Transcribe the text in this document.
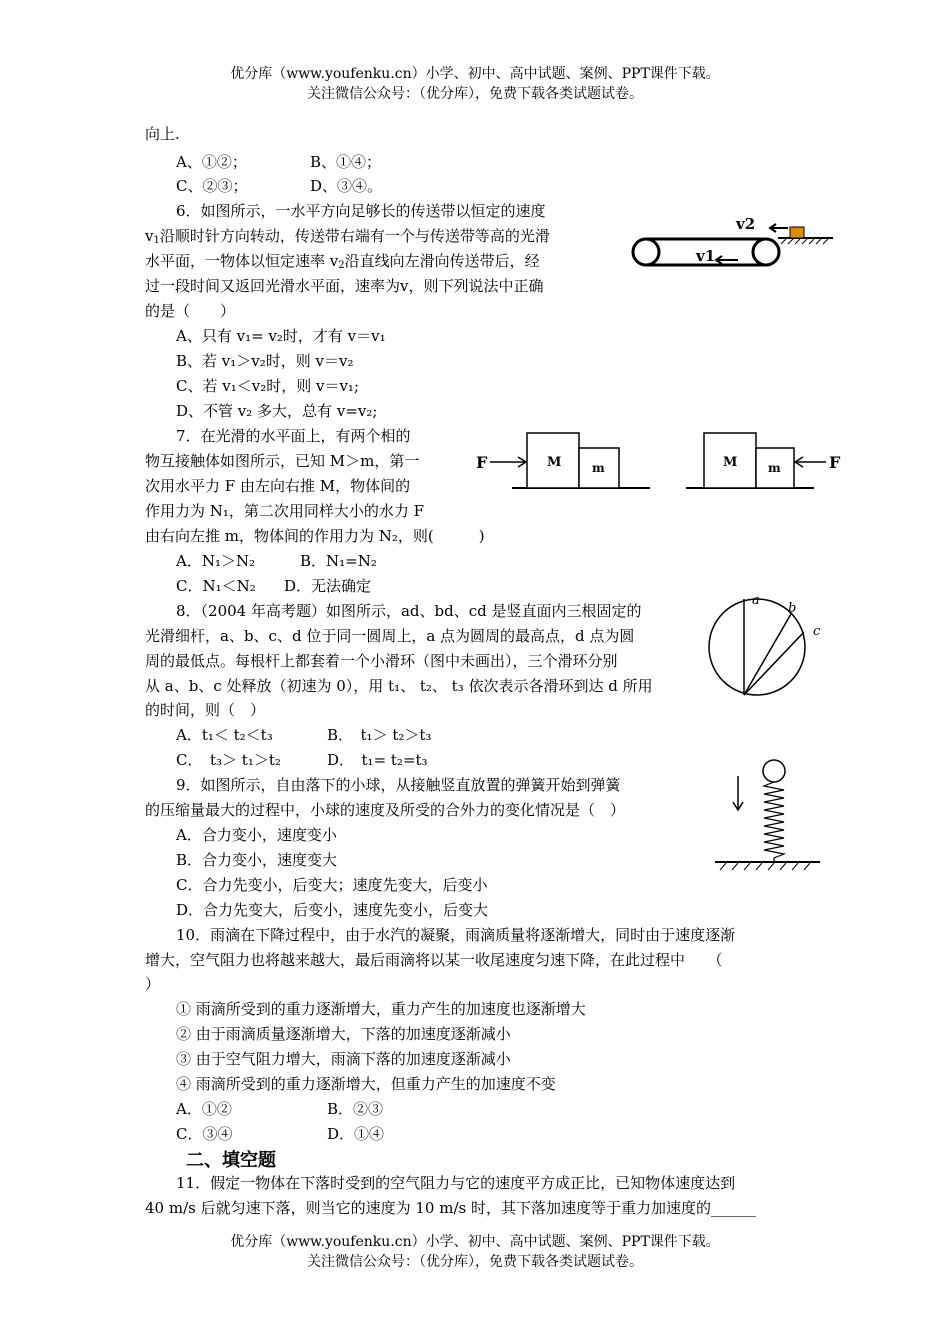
优分库（www.youfenku.cn）小学、初中、高中试题、案例、PPT课件下载。
关注微信公众号：（优分库），免费下载各类试题试卷。
向上.
A、①②；	B、①④；
C、②③；	D、③④。
6．如图所示，一水平方向足够长的传送带以恒定的速度
$v_1$沿顺时针方向转动，传送带右端有一个与传送带等高的光滑
水平面，一物体以恒定速率 $v_2$沿直线向左滑向传送带后，经
过一段时间又返回光滑水平面，速率为v，则下列说法中正确
的是（　　）
A、只有 v₁= v₂时，才有 v＝v₁
B、若 v₁＞v₂时，则 v＝v₂
C、若 v₁＜v₂时，则 v＝v₁;
D、不管 v₂ 多大，总有 v=v₂;
v2
v1
7．在光滑的水平面上，有两个相的
物互接触体如图所示，已知 M＞m，第一
次用水平力 F 由左向右推 M，物体间的
作用力为 N₁，第二次用同样大小的水力 F
由右向左推 m，物体间的作用力为 N₂，则(　　　)
A．N₁＞N₂	B．N₁=N₂
C．N₁＜N₂ D．无法确定
M	m
F	M	m	F
8．（2004 年高考题）如图所示，ad、bd、cd 是竖直面内三根固定的
光滑细杆，a、b、c、d 位于同一圆周上，a 点为圆周的最高点，d 点为圆
周的最低点。每根杆上都套着一个小滑环（图中未画出），三个滑环分别
从 a、b、c 处释放（初速为 0），用 t₁、 t₂、 t₃ 依次表示各滑环到达 d 所用
的时间，则（　）
A．t₁＜ t₂＜t₃	B．　t₁＞ t₂＞t₃
C．　t₃＞ t₁＞t₂	D．　t₁= t₂=t₃
a
b
c
9．如图所示，自由落下的小球，从接触竖直放置的弹簧开始到弹簧
的压缩量最大的过程中，小球的速度及所受的合外力的变化情况是（　）
A．合力变小，速度变小
B．合力变小，速度变大
C．合力先变小，后变大；速度先变大，后变小
D．合力先变大，后变小，速度先变小，后变大
10．雨滴在下降过程中，由于水汽的凝聚，雨滴质量将逐渐增大，同时由于速度逐渐
增大，空气阻力也将越来越大，最后雨滴将以某一收尾速度匀速下降，在此过程中　　（
）
① 雨滴所受到的重力逐渐增大，重力产生的加速度也逐渐增大
② 由于雨滴质量逐渐增大，下落的加速度逐渐减小
③ 由于空气阻力增大，雨滴下落的加速度逐渐减小
④ 雨滴所受到的重力逐渐增大，但重力产生的加速度不变
A．①②	B．②③
C．③④	D．①④
二、填空题
11．假定一物体在下落时受到的空气阻力与它的速度平方成正比，已知物体速度达到
40 m/s 后就匀速下落，则当它的速度为 10 m/s 时，其下落加速度等于重力加速度的______
优分库（www.youfenku.cn）小学、初中、高中试题、案例、PPT课件下载。
关注微信公众号：（优分库），免费下载各类试题试卷。
